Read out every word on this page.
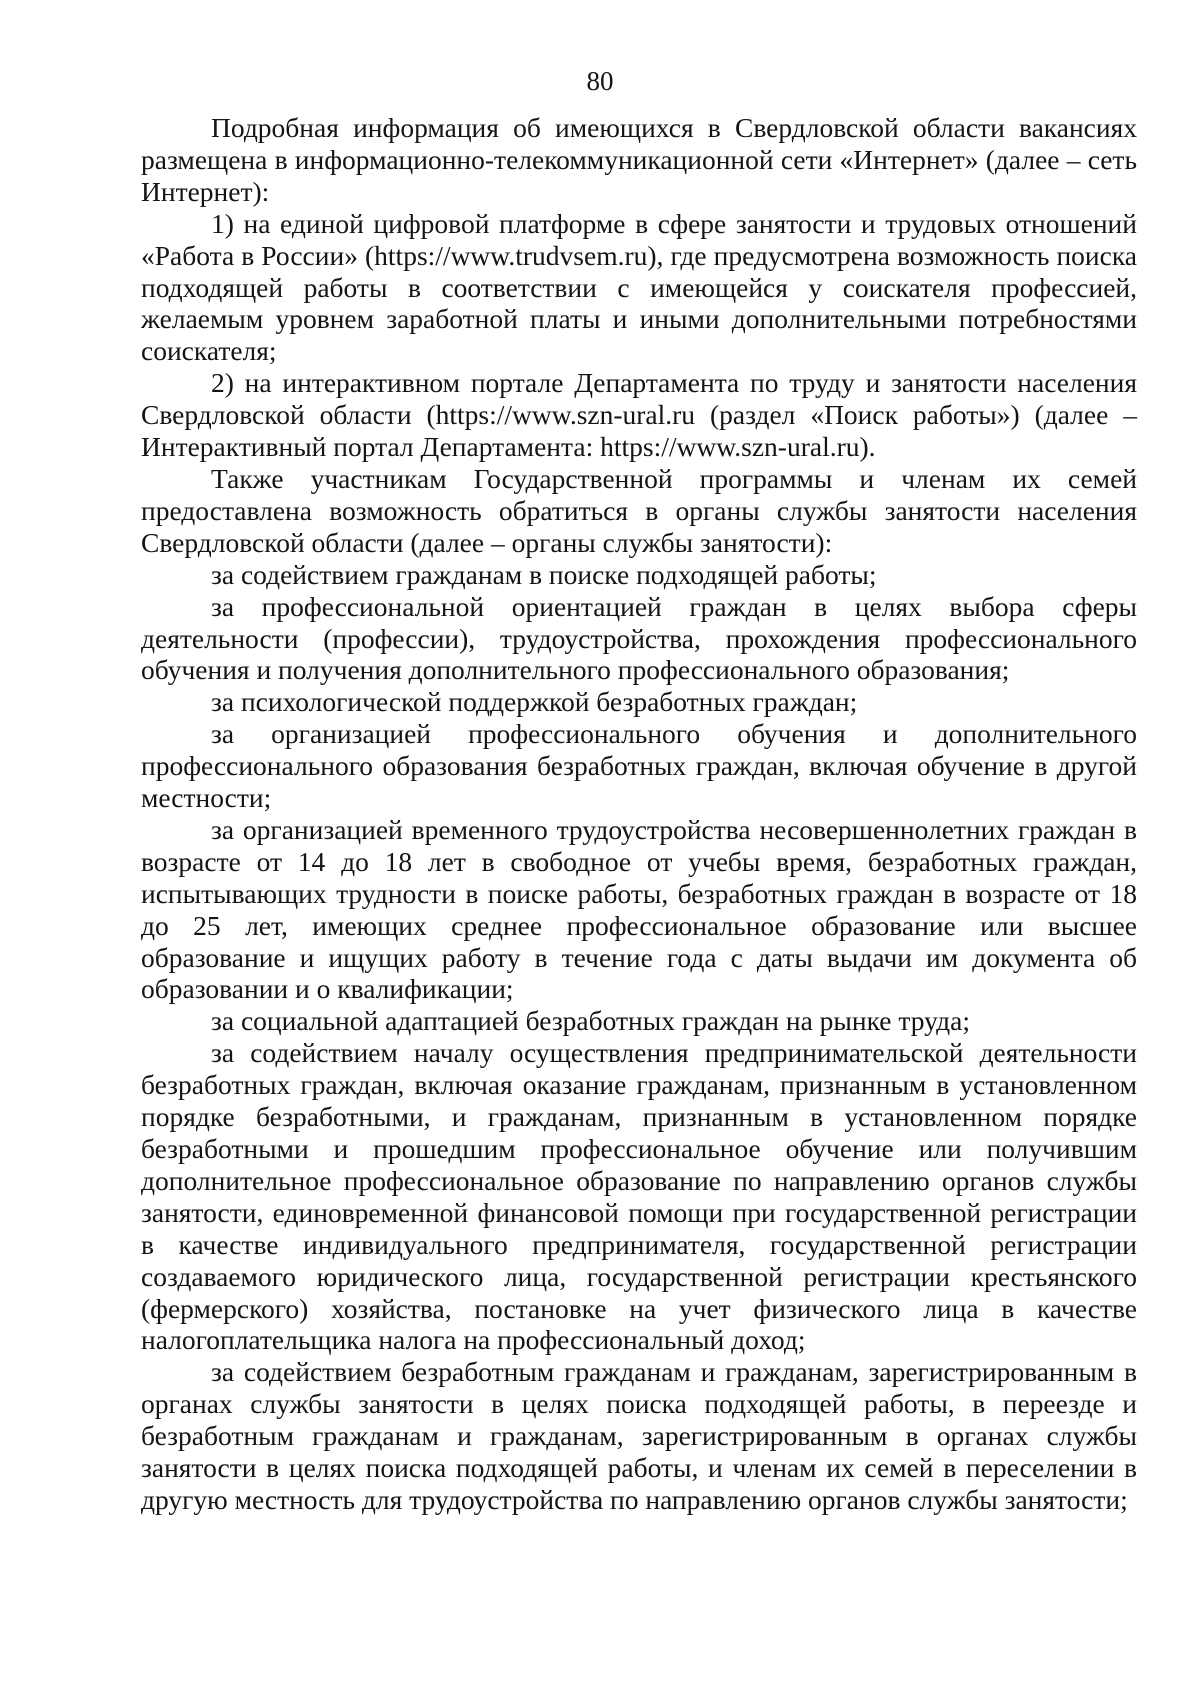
80

Подробная информация об имеющихся в Свердловской области вакансиях размещена в информационно-телекоммуникационной сети «Интернет» (далее – сеть Интернет):

1) на единой цифровой платформе в сфере занятости и трудовых отношений «Работа в России» (https://www.trudvsem.ru), где предусмотрена возможность поиска подходящей работы в соответствии с имеющейся у соискателя профессией, желаемым уровнем заработной платы и иными дополнительными потребностями соискателя;

2) на интерактивном портале Департамента по труду и занятости населения Свердловской области (https://www.szn-ural.ru (раздел «Поиск работы») (далее – Интерактивный портал Департамента: https://www.szn-ural.ru).

Также участникам Государственной программы и членам их семей предоставлена возможность обратиться в органы службы занятости населения Свердловской области (далее – органы службы занятости):

за содействием гражданам в поиске подходящей работы;

за профессиональной ориентацией граждан в целях выбора сферы деятельности (профессии), трудоустройства, прохождения профессионального обучения и получения дополнительного профессионального образования;

за психологической поддержкой безработных граждан;

за организацией профессионального обучения и дополнительного профессионального образования безработных граждан, включая обучение в другой местности;

за организацией временного трудоустройства несовершеннолетних граждан в возрасте от 14 до 18 лет в свободное от учебы время, безработных граждан, испытывающих трудности в поиске работы, безработных граждан в возрасте от 18 до 25 лет, имеющих среднее профессиональное образование или высшее образование и ищущих работу в течение года с даты выдачи им документа об образовании и о квалификации;

за социальной адаптацией безработных граждан на рынке труда;

за содействием началу осуществления предпринимательской деятельности безработных граждан, включая оказание гражданам, признанным в установленном порядке безработными, и гражданам, признанным в установленном порядке безработными и прошедшим профессиональное обучение или получившим дополнительное профессиональное образование по направлению органов службы занятости, единовременной финансовой помощи при государственной регистрации в качестве индивидуального предпринимателя, государственной регистрации создаваемого юридического лица, государственной регистрации крестьянского (фермерского) хозяйства, постановке на учет физического лица в качестве налогоплательщика налога на профессиональный доход;

за содействием безработным гражданам и гражданам, зарегистрированным в органах службы занятости в целях поиска подходящей работы, в переезде и безработным гражданам и гражданам, зарегистрированным в органах службы занятости в целях поиска подходящей работы, и членам их семей в переселении в другую местность для трудоустройства по направлению органов службы занятости;
